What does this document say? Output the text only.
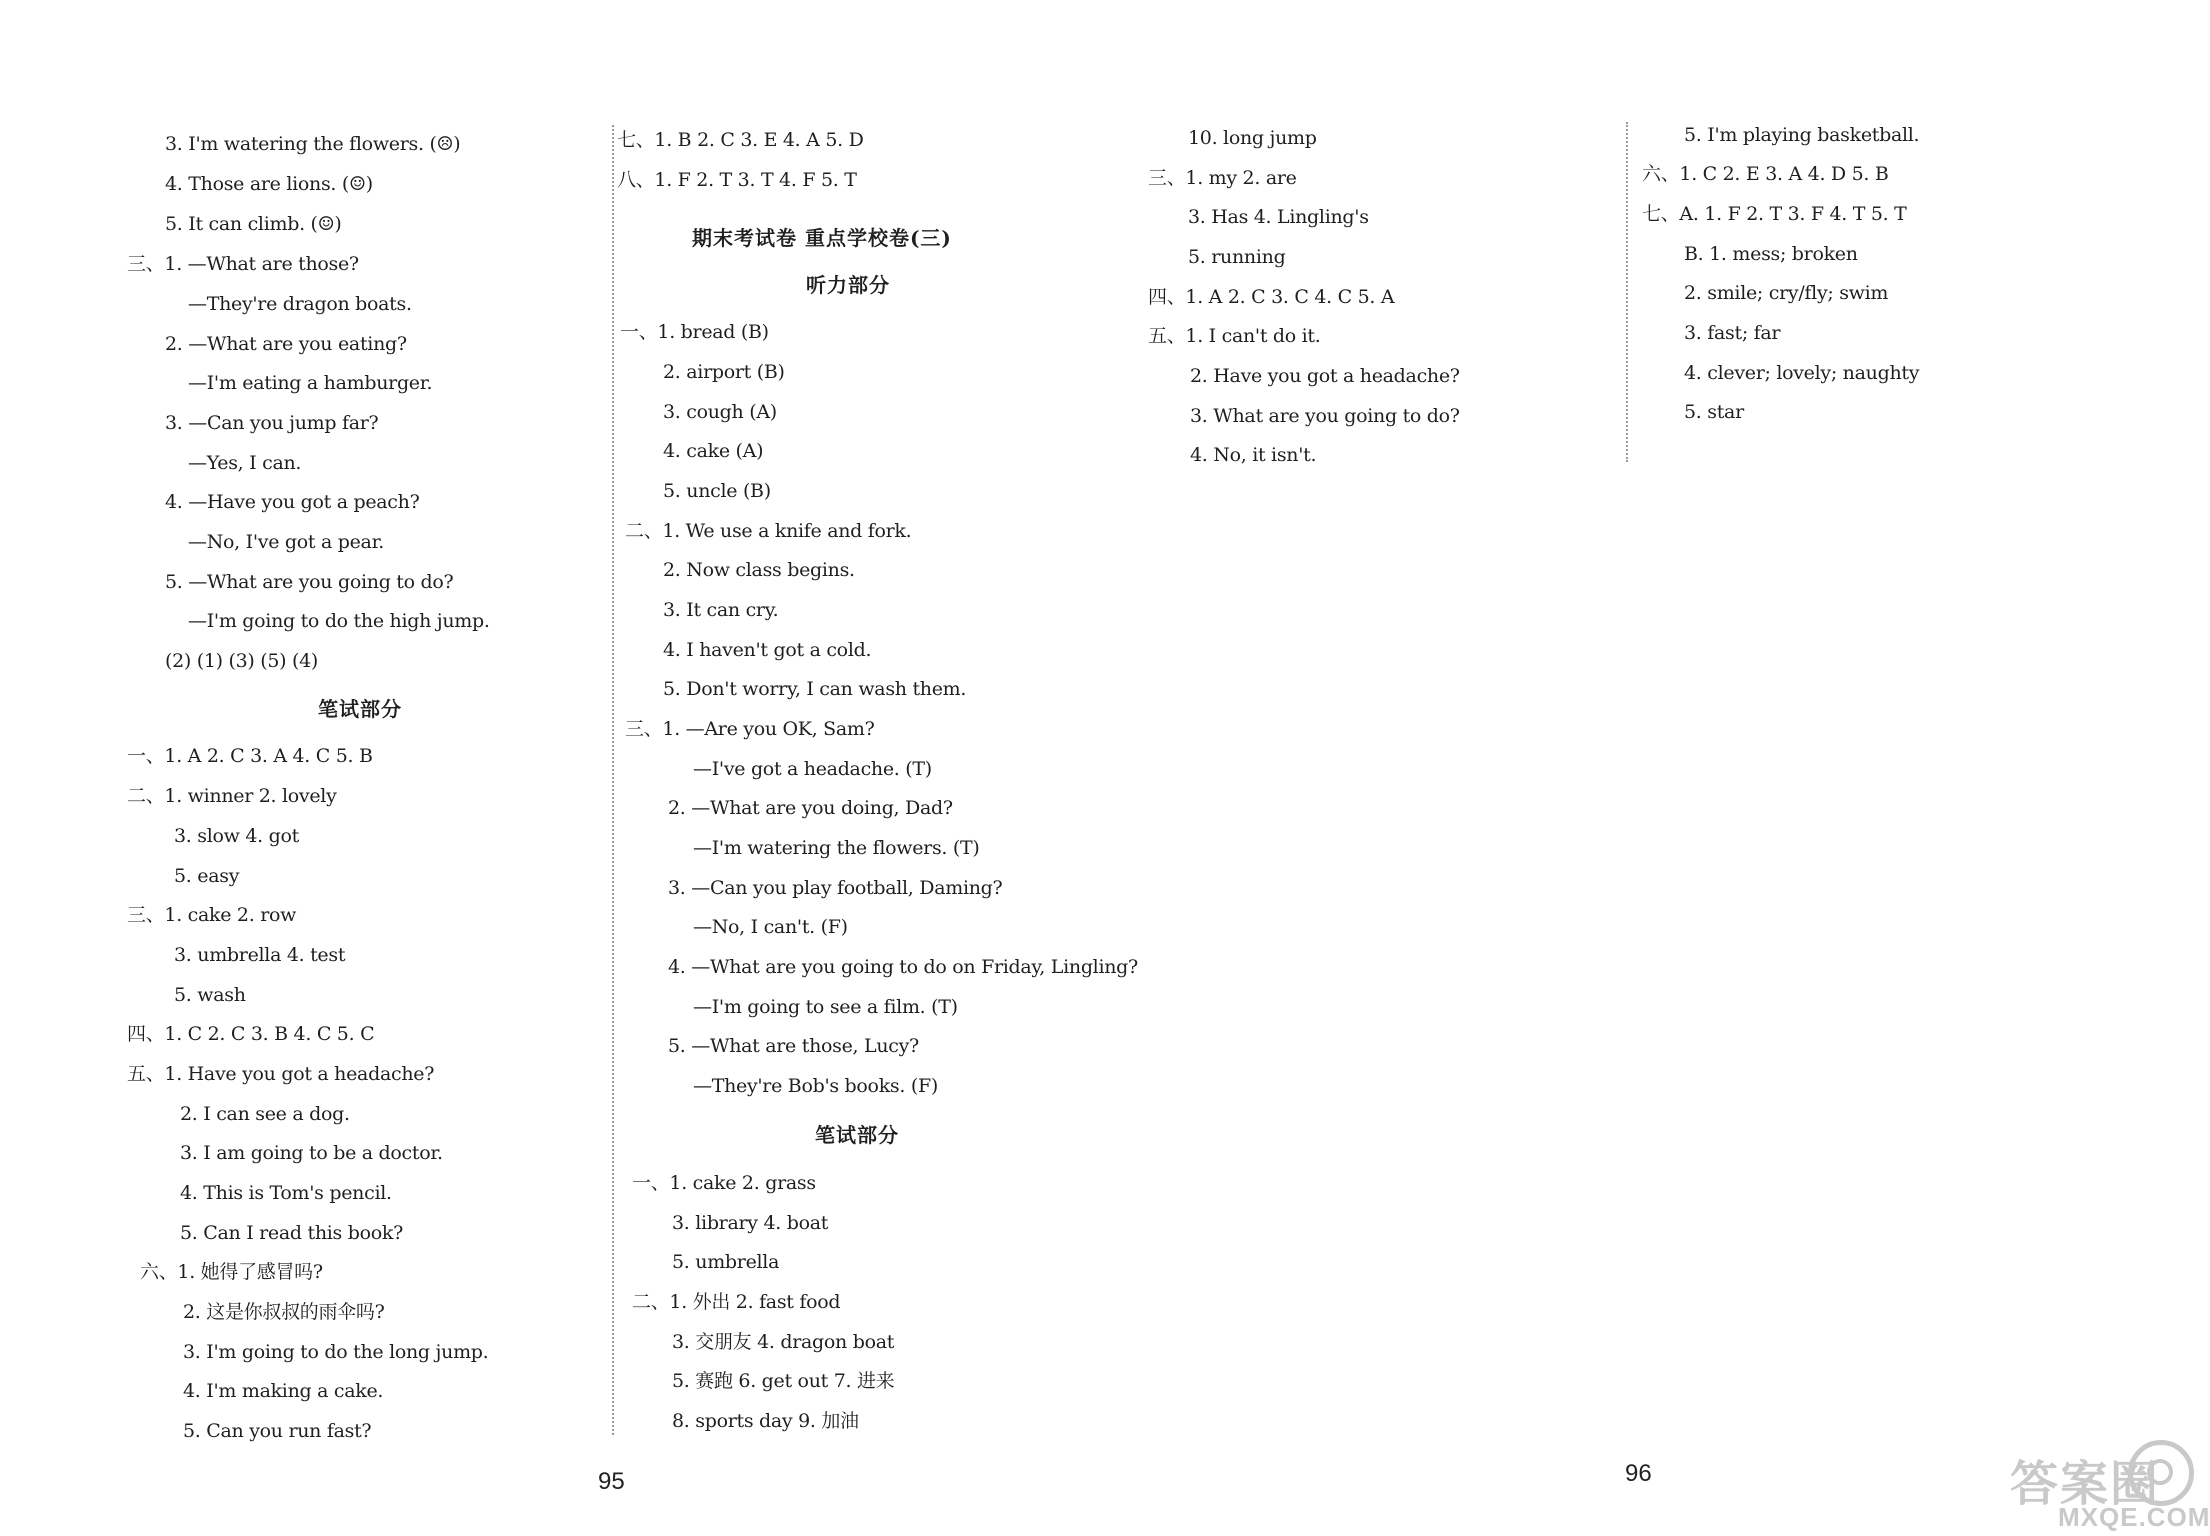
3. I'm watering the flowers. (☹)
4. Those are lions. (☺)
5. It can climb. (☺)
三、1. —What are those?
—They're dragon boats.
2. —What are you eating?
—I'm eating a hamburger.
3. —Can you jump far?
—Yes, I can.
4. —Have you got a peach?
—No, I've got a pear.
5. —What are you going to do?
—I'm going to do the high jump.
(2) (1) (3) (5) (4)
笔试部分
一、1. A 2. C 3. A 4. C 5. B
二、1. winner 2. lovely
3. slow 4. got
5. easy
三、1. cake 2. row
3. umbrella 4. test
5. wash
四、1. C 2. C 3. B 4. C 5. C
五、1. Have you got a headache?
2. I can see a dog.
3. I am going to be a doctor.
4. This is Tom's pencil.
5. Can I read this book?
六、1. 她得了感冒吗?
2. 这是你叔叔的雨伞吗?
3. I'm going to do the long jump.
4. I'm making a cake.
5. Can you run fast?
七、1. B 2. C 3. E 4. A 5. D
八、1. F 2. T 3. T 4. F 5. T
期末考试卷 重点学校卷(三)
听力部分
一、1. bread (B)
2. airport (B)
3. cough (A)
4. cake (A)
5. uncle (B)
二、1. We use a knife and fork.
2. Now class begins.
3. It can cry.
4. I haven't got a cold.
5. Don't worry, I can wash them.
三、1. —Are you OK, Sam?
—I've got a headache. (T)
2. —What are you doing, Dad?
—I'm watering the flowers. (T)
3. —Can you play football, Daming?
—No, I can't. (F)
4. —What are you going to do on Friday, Lingling?
—I'm going to see a film. (T)
5. —What are those, Lucy?
—They're Bob's books. (F)
笔试部分
一、1. cake 2. grass
3. library 4. boat
5. umbrella
二、1. 外出 2. fast food
3. 交朋友 4. dragon boat
5. 赛跑 6. get out 7. 进来
8. sports day 9. 加油
95
10. long jump
三、1. my 2. are
3. Has 4. Lingling's
5. running
四、1. A 2. C 3. C 4. C 5. A
五、1. I can't do it.
2. Have you got a headache?
3. What are you going to do?
4. No, it isn't.
5. I'm playing basketball.
六、1. C 2. E 3. A 4. D 5. B
七、A. 1. F 2. T 3. F 4. T 5. T
B. 1. mess; broken
2. smile; cry/fly; swim
3. fast; far
4. clever; lovely; naughty
5. star
96	答案圈
MXQE.COM
